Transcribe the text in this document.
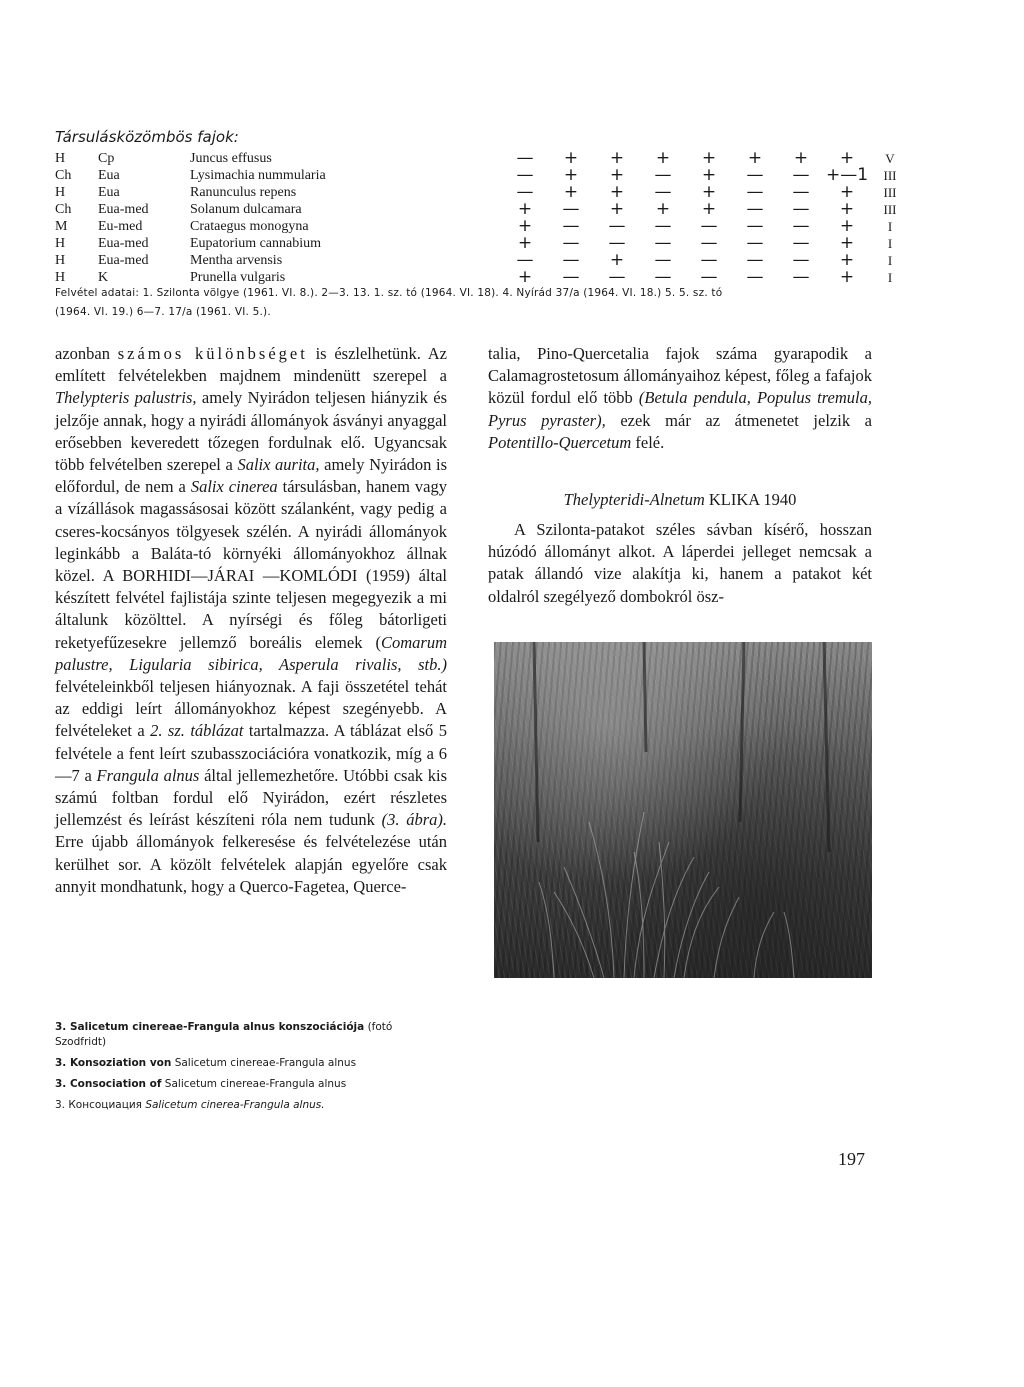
Társulásközömbös fajok:
H	Cp	Juncus effusus	—	+	+	+	+	+	+	+	V
Ch	Eua	Lysimachia nummularia	—	+	+	—	+	—	—	+—1	III
H	Eua	Ranunculus repens	—	+	+	—	+	—	—	+	III
Ch	Eua-med	Solanum dulcamara	+	—	+	+	+	—	—	+	III
M	Eu-med	Crataegus monogyna	+	—	—	—	—	—	—	+	I
H	Eua-med	Eupatorium cannabium	+	—	—	—	—	—	—	+	I
H	Eua-med	Mentha arvensis	—	—	+	—	—	—	—	+	I
H	K	Prunella vulgaris	+	—	—	—	—	—	—	+	I
Felvétel adatai: 1. Szilonta völgye (1961. VI. 8.). 2—3. 13. 1. sz. tó (1964. VI. 18). 4. Nyírád 37/a (1964. VI. 18.) 5. 5. sz. tó
(1964. VI. 19.) 6—7. 17/a (1961. VI. 5.).

azonban számos különbséget is észlelhetünk. Az említett felvételekben majdnem mindenütt szerepel a Thelypteris palustris, amely Nyirádon teljesen hiányzik és jelzője annak, hogy a nyirádi állományok ásványi anyaggal erősebben keveredett tőzegen fordulnak elő. Ugyancsak több felvételben szerepel a Salix aurita, amely Nyirádon is előfordul, de nem a Salix cinerea társulásban, hanem vagy a vízállások magassásosai között szálanként, vagy pedig a cseres-kocsányos tölgyesek szélén. A nyirádi állományok leginkább a Baláta-tó környéki állományokhoz állnak közel. A BORHIDI—JÁRAI —KOMLÓDI (1959) által készített felvétel fajlistája szinte teljesen megegyezik a mi általunk közölttel. A nyírségi és főleg bátorligeti reketyefűzesekre jellemző boreális elemek (Comarum palustre, Ligularia sibirica, Asperula rivalis, stb.) felvételeinkből teljesen hiányoznak. A faji összetétel tehát az eddigi leírt állományokhoz képest szegényebb. A felvételeket a 2. sz. táblázat tartalmazza. A táblázat első 5 felvétele a fent leírt szubasszociációra vonatkozik, míg a 6—7 a Frangula alnus által jellemezhetőre. Utóbbi csak kis számú foltban fordul elő Nyirádon, ezért részletes jellemzést és leírást készíteni róla nem tudunk (3. ábra). Erre újabb állományok felkeresése és felvételezése után kerülhet sor. A közölt felvételek alapján egyelőre csak annyit mondhatunk, hogy a Querco-Fagetea, Querce-

talia, Pino-Quercetalia fajok száma gyarapodik a Calamagrostetosum állományaihoz képest, főleg a fafajok közül fordul elő több (Betula pendula, Populus tremula, Pyrus pyraster), ezek már az átmenetet jelzik a Potentillo-Quercetum felé.

Thelypteridi-Alnetum KLIKA 1940

A Szilonta-patakot széles sávban kísérő, hosszan húzódó állományt alkot. A láperdei jelleget nemcsak a patak állandó vize alakítja ki, hanem a patakot két oldalról szegélyező dombokról ösz-

3. Salicetum cinereae-Frangula alnus konszociációja (fotó Szodfridt)

3. Konsoziation von Salicetum cinereae-Frangula alnus

3. Consociation of Salicetum cinereae-Frangula alnus

3. Консоциация Salicetum cinerea-Frangula alnus.

197
